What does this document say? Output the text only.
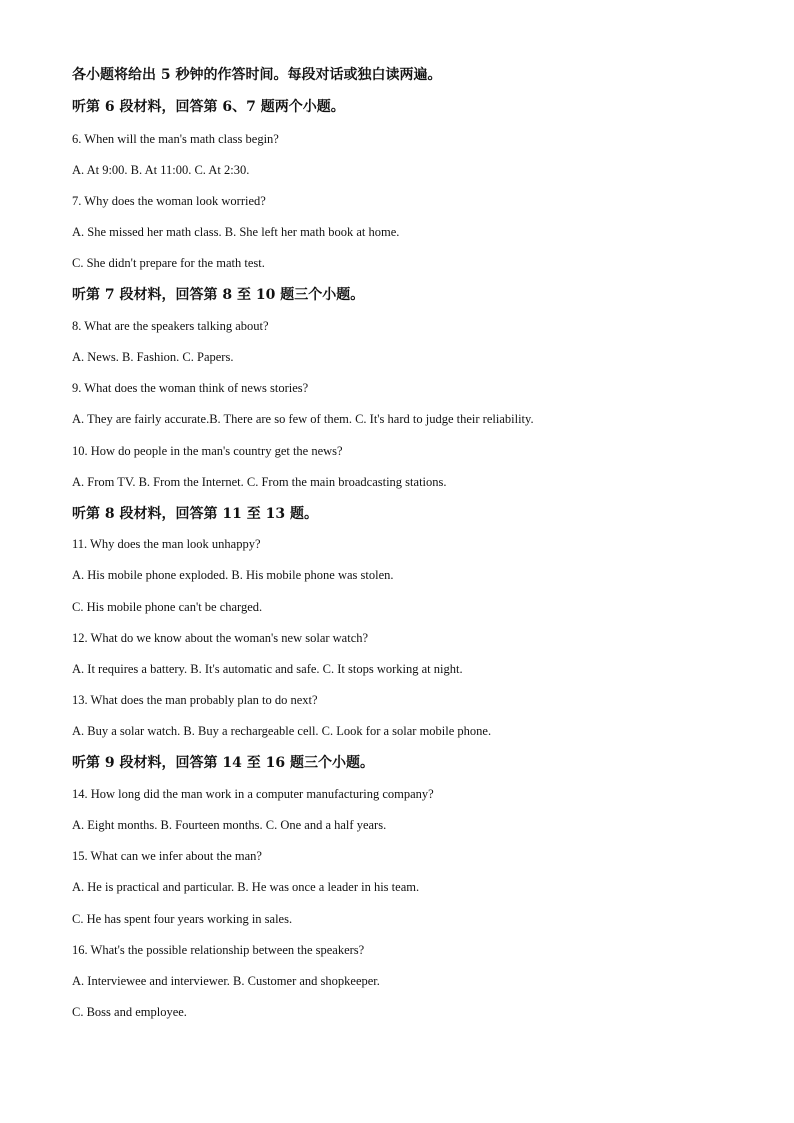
各小题将给出 5 秒钟的作答时间。每段对话或独白读两遍。
听第 6 段材料，回答第 6、7 题两个小题。
6. When will the man's math class begin?
A. At 9:00. B. At 11:00. C. At 2:30.
7. Why does the woman look worried?
A. She missed her math class. B. She left her math book at home.
C. She didn't prepare for the math test.
听第 7 段材料，回答第 8 至 10 题三个小题。
8. What are the speakers talking about?
A. News. B. Fashion. C. Papers.
9. What does the woman think of news stories?
A. They are fairly accurate.B. There are so few of them. C. It's hard to judge their reliability.
10. How do people in the man's country get the news?
A. From TV. B. From the Internet. C. From the main broadcasting stations.
听第 8 段材料，回答第 11 至 13 题。
11. Why does the man look unhappy?
A. His mobile phone exploded. B. His mobile phone was stolen.
C. His mobile phone can't be charged.
12. What do we know about the woman's new solar watch?
A. It requires a battery. B. It's automatic and safe. C. It stops working at night.
13. What does the man probably plan to do next?
A. Buy a solar watch. B. Buy a rechargeable cell. C. Look for a solar mobile phone.
听第 9 段材料，回答第 14 至 16 题三个小题。
14. How long did the man work in a computer manufacturing company?
A. Eight months. B. Fourteen months. C. One and a half years.
15. What can we infer about the man?
A. He is practical and particular. B. He was once a leader in his team.
C. He has spent four years working in sales.
16. What's the possible relationship between the speakers?
A. Interviewee and interviewer. B. Customer and shopkeeper.
C. Boss and employee.
